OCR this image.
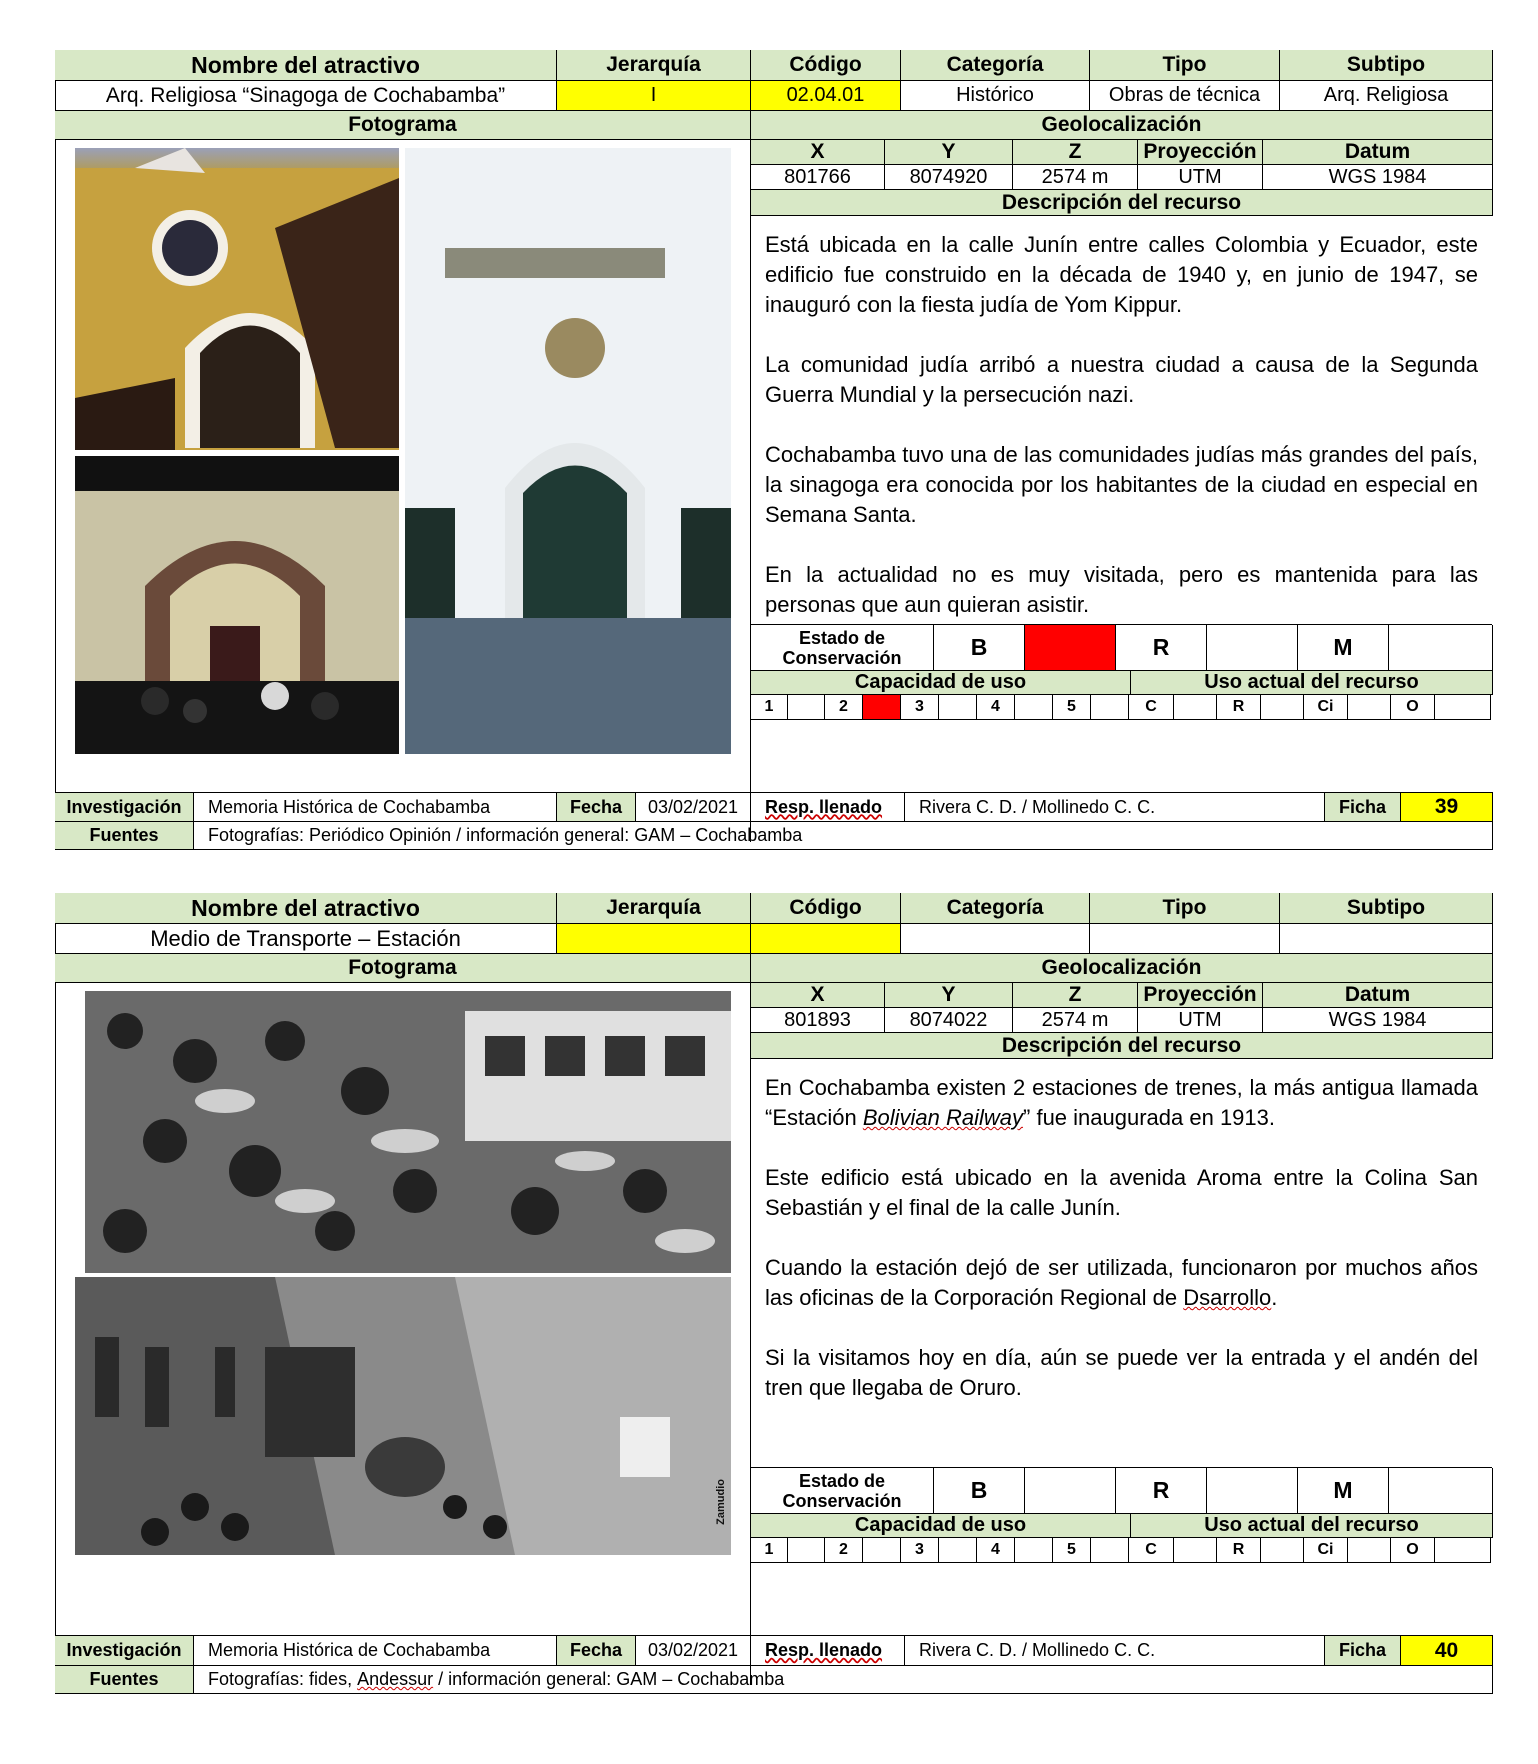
Nombre del atractivo	Jerarquía	Código	Categoría	Tipo	Subtipo
Arq. Religiosa “Sinagoga de Cochabamba”	I	02.04.01	Histórico	Obras de técnica	Arq. Religiosa
Fotograma	Geolocalización
X	Y	Z	Proyección	Datum
801766	8074920	2574 m	UTM	WGS 1984
Descripción del recurso

Está ubicada en la calle Junín entre calles Colombia y Ecuador, este edificio fue construido en la década de 1940 y, en junio de 1947, se inauguró con la fiesta judía de Yom Kippur.

La comunidad judía arribó a nuestra ciudad a causa de la Segunda Guerra Mundial y la persecución nazi.

Cochabamba tuvo una de las comunidades judías más grandes del país, la sinagoga era conocida por los habitantes de la ciudad en especial en Semana Santa.

En la actualidad no es muy visitada, pero es mantenida para las personas que aun quieran asistir.

Estado de
Conservación	B	R	M
Capacidad de uso	Uso actual del recurso
1	2	3	4	5	C	R	Ci	O
Investigación	Memoria Histórica de Cochabamba	Fecha	03/02/2021	Resp. llenado	Rivera C. D. / Mollinedo C. C.	Ficha	39
Fuentes	Fotografías: Periódico Opinión / información general: GAM – Cochabamba
Nombre del atractivo	Jerarquía	Código	Categoría	Tipo	Subtipo
Medio de Transporte – Estación
Fotograma	Geolocalización
Zamudio
X	Y	Z	Proyección	Datum
801893	8074022	2574 m	UTM	WGS 1984
Descripción del recurso

En Cochabamba existen 2 estaciones de trenes, la más antigua llamada “Estación Bolivian Railway” fue inaugurada en 1913.

Este edificio está ubicado en la avenida Aroma entre la Colina San Sebastián y el final de la calle Junín.

Cuando la estación dejó de ser utilizada, funcionaron por muchos años las oficinas de la Corporación Regional de Dsarrollo.

Si la visitamos hoy en día, aún se puede ver la entrada y el andén del tren que llegaba de Oruro.

Estado de
Conservación	B	R	M
Capacidad de uso	Uso actual del recurso
1	2	3	4	5	C	R	Ci	O
Investigación	Memoria Histórica de Cochabamba	Fecha	03/02/2021	Resp. llenado	Rivera C. D. / Mollinedo C. C.	Ficha	40
Fuentes	Fotografías: fides, Andessur / información general: GAM – Cochabamba
